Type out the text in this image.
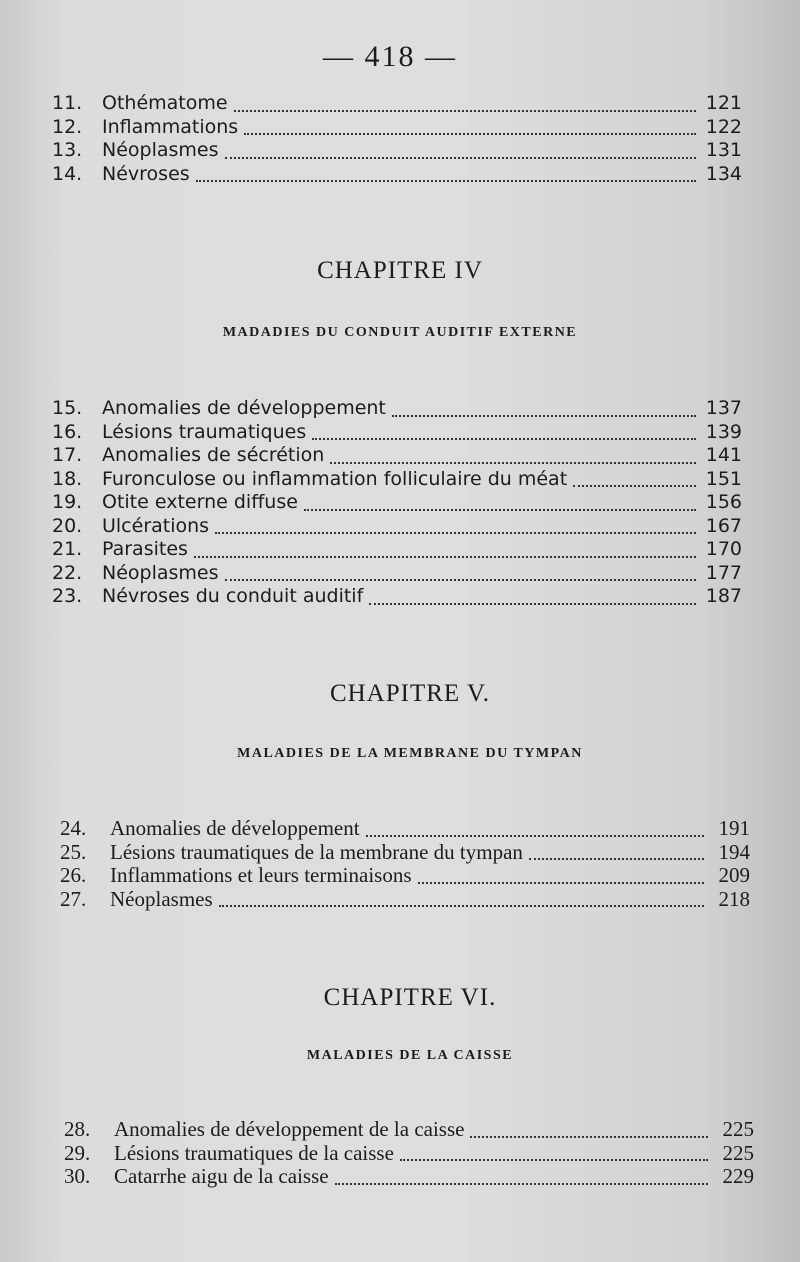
— 418 —
11.	Othématome	121
12.	Inflammations	122
13.	Néoplasmes	131
14.	Névroses	134

CHAPITRE IV

MADADIES DU CONDUIT AUDITIF EXTERNE

15.	Anomalies de développement	137
16.	Lésions traumatiques	139
17.	Anomalies de sécrétion	141
18.	Furonculose ou inflammation folliculaire du méat	151
19.	Otite externe diffuse	156
20.	Ulcérations	167
21.	Parasites	170
22.	Néoplasmes	177
23.	Névroses du conduit auditif	187

CHAPITRE V.

MALADIES DE LA MEMBRANE DU TYMPAN

24.	Anomalies de développement	191
25.	Lésions traumatiques de la membrane du tympan	194
26.	Inflammations et leurs terminaisons	209
27.	Néoplasmes	218

CHAPITRE VI.

MALADIES DE LA CAISSE

28.	Anomalies de développement de la caisse	225
29.	Lésions traumatiques de la caisse	225
30.	Catarrhe aigu de la caisse	229
